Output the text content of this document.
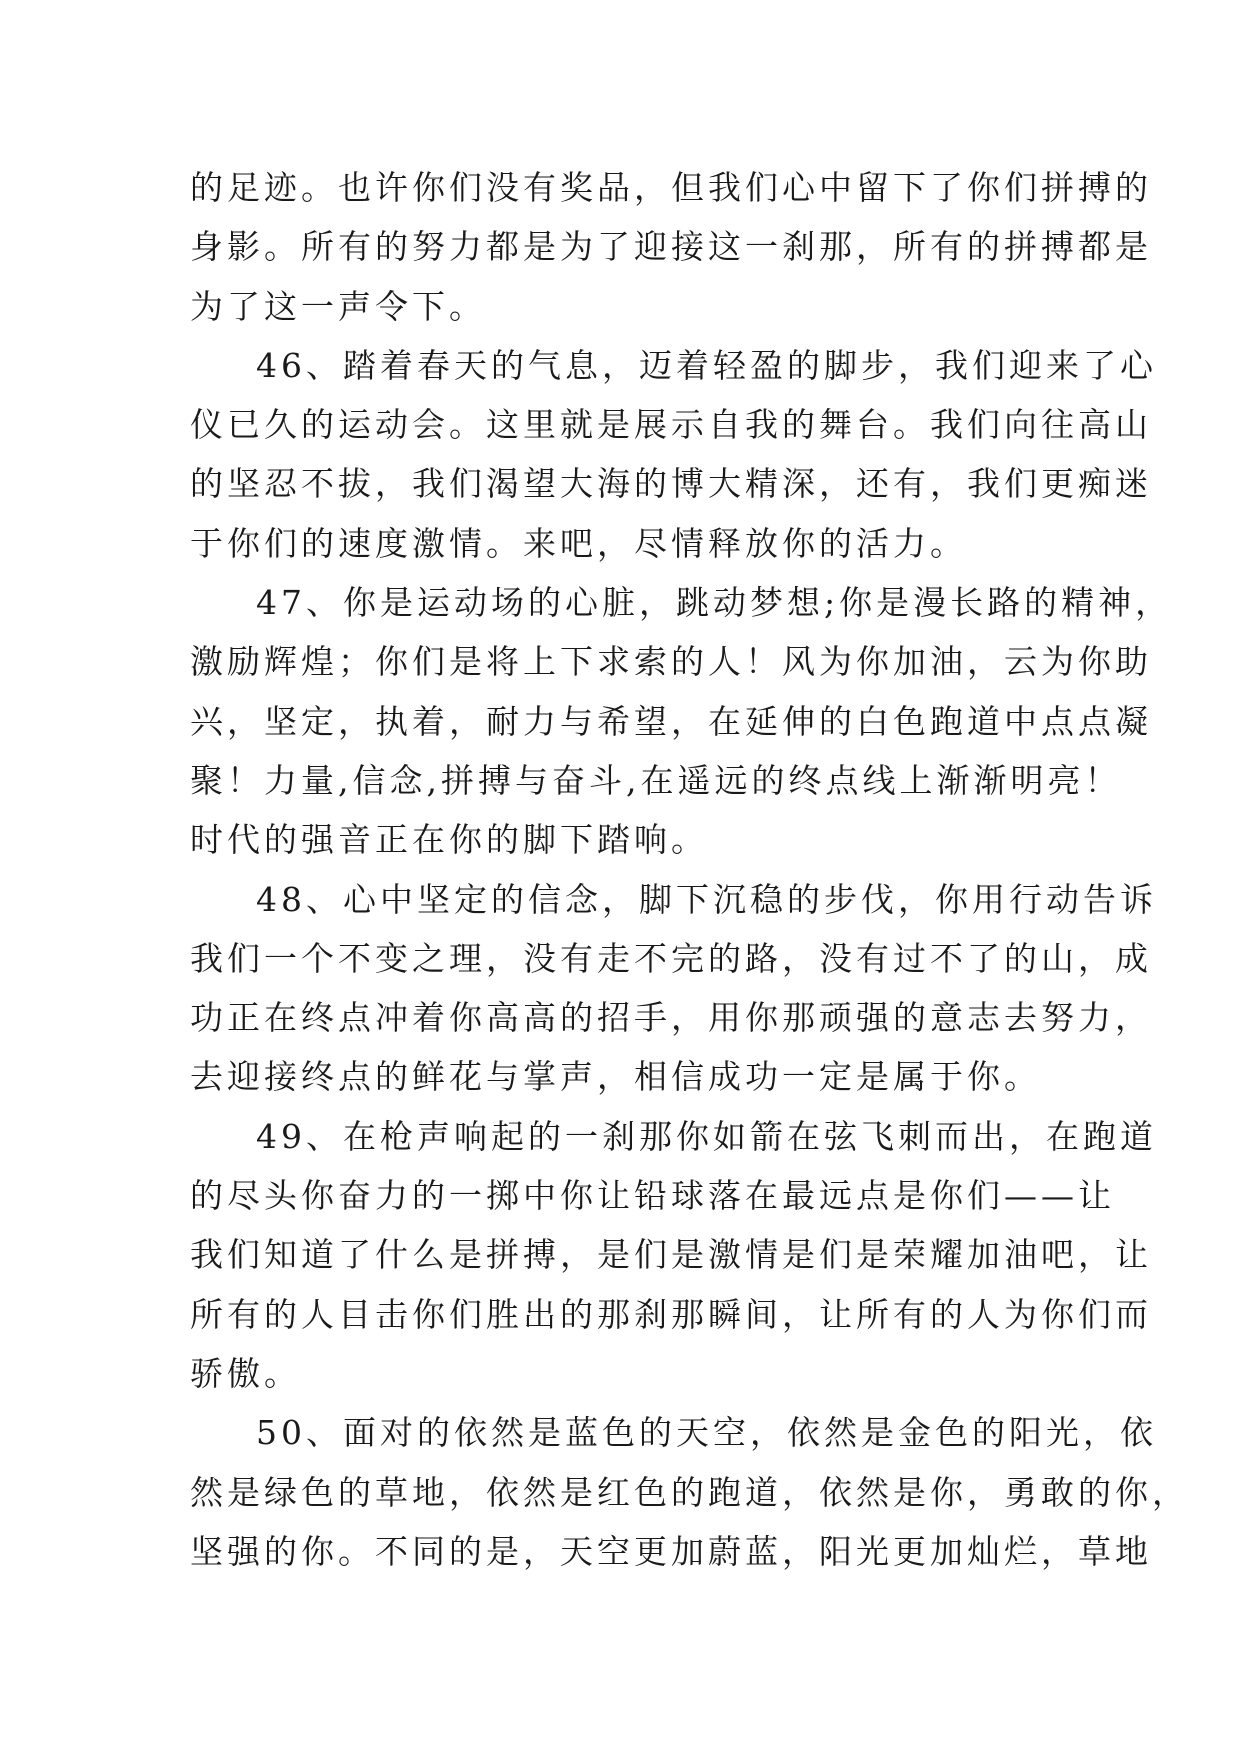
的足迹。也许你们没有奖品，但我们心中留下了你们拼搏的
身影。所有的努力都是为了迎接这一刹那，所有的拼搏都是
为了这一声令下。
46、踏着春天的气息，迈着轻盈的脚步，我们迎来了心
仪已久的运动会。这里就是展示自我的舞台。我们向往高山
的坚忍不拔，我们渴望大海的博大精深，还有，我们更痴迷
于你们的速度激情。来吧，尽情释放你的活力。
47、你是运动场的心脏，跳动梦想;你是漫长路的精神，
激励辉煌；你们是将上下求索的人！风为你加油，云为你助
兴，坚定，执着，耐力与希望，在延伸的白色跑道中点点凝
聚！力量,信念,拼搏与奋斗,在遥远的终点线上渐渐明亮！
时代的强音正在你的脚下踏响。
48、心中坚定的信念，脚下沉稳的步伐，你用行动告诉
我们一个不变之理，没有走不完的路，没有过不了的山，成
功正在终点冲着你高高的招手，用你那顽强的意志去努力，
去迎接终点的鲜花与掌声，相信成功一定是属于你。
49、在枪声响起的一刹那你如箭在弦飞刺而出，在跑道
的尽头你奋力的一掷中你让铅球落在最远点是你们——让
我们知道了什么是拼搏，是们是激情是们是荣耀加油吧，让
所有的人目击你们胜出的那刹那瞬间，让所有的人为你们而
骄傲。
50、面对的依然是蓝色的天空，依然是金色的阳光，依
然是绿色的草地，依然是红色的跑道，依然是你，勇敢的你，
坚强的你。不同的是，天空更加蔚蓝，阳光更加灿烂，草地
